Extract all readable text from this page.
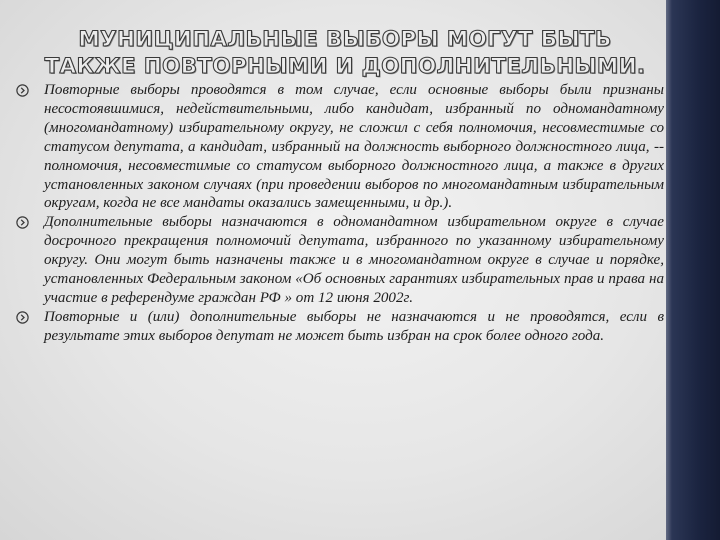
МУНИЦИПАЛЬНЫЕ ВЫБОРЫ МОГУТ БЫТЬ ТАКЖЕ ПОВТОРНЫМИ И ДОПОЛНИТЕЛЬНЫМИ.

Повторные выборы проводятся в том случае, если основные выборы были признаны несостоявшимися, недействительными, либо кандидат, избранный по одномандатному (многомандатному) избирательному округу, не сложил с себя полномочия, несовместимые со статусом депутата, а кандидат, избранный на должность выборного должностного лица, -- полномочия, несовместимые со статусом выборного должностного лица, а также в других установленных законом случаях (при проведении выборов по многомандатным избирательным округам, когда не все мандаты оказались замещенными, и др.).

Дополнительные выборы назначаются в одномандатном избирательном округе в случае досрочного прекращения полномочий депутата, избранного по указанному избирательному округу. Они могут быть назначены также и в многомандатном округе в случае и порядке, установленных Федеральным законом «Об основных гарантиях избирательных прав и права на участие в референдуме граждан РФ » от 12 июня 2002г.

Повторные и (или) дополнительные выборы не назначаются и не проводятся, если в результате этих выборов депутат не может быть избран на срок более одного года.
